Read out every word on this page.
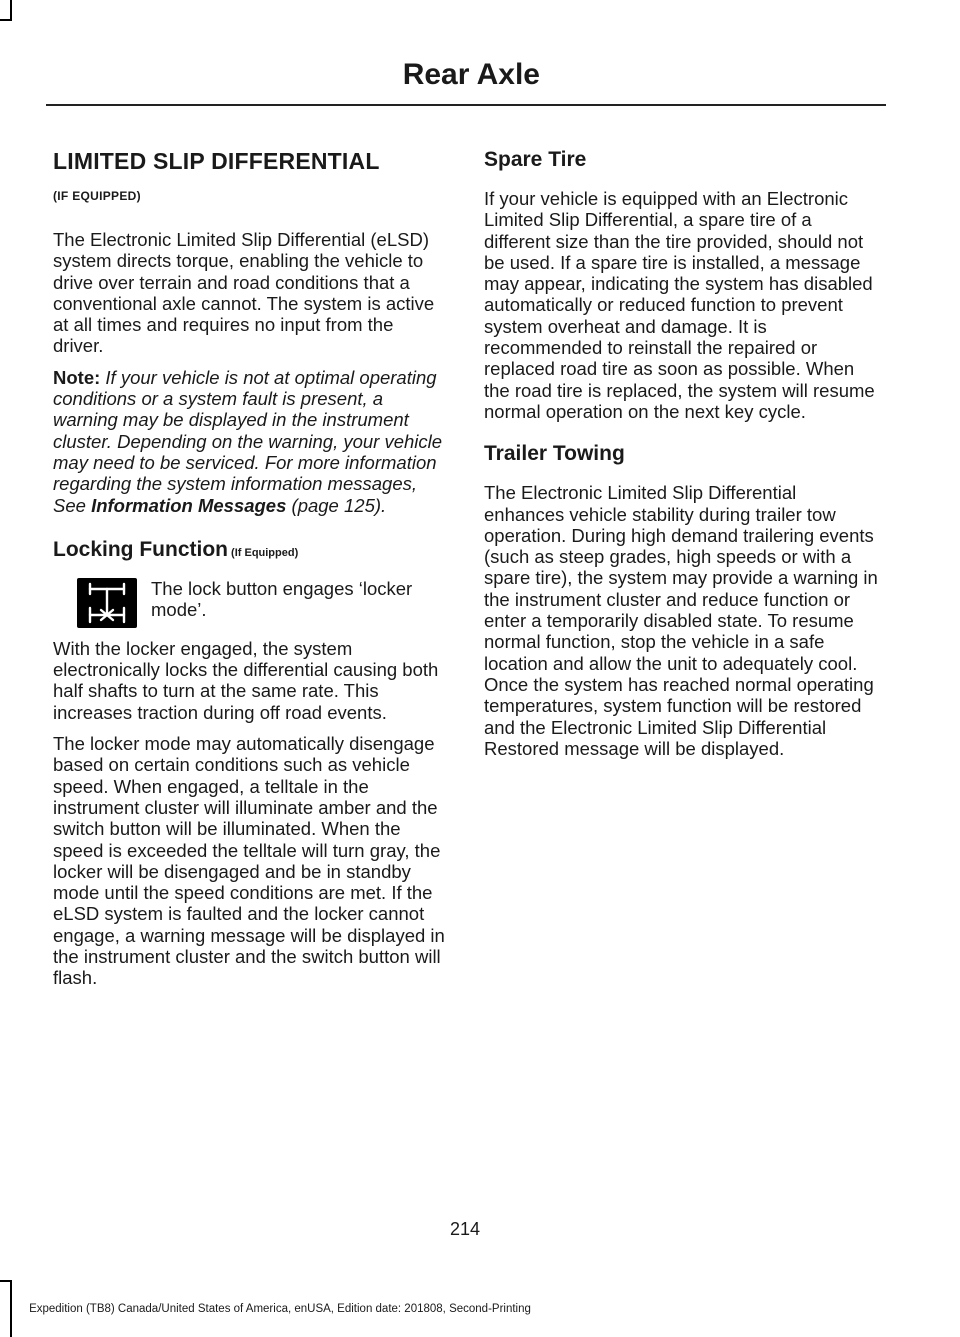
Rear Axle
LIMITED SLIP DIFFERENTIAL
(IF EQUIPPED)

The Electronic Limited Slip Differential (eLSD) system directs torque, enabling the vehicle to drive over terrain and road conditions that a conventional axle cannot. The system is active at all times and requires no input from the driver.

Note: If your vehicle is not at optimal operating conditions or a system fault is present, a warning may be displayed in the instrument cluster. Depending on the warning, your vehicle may need to be serviced. For more information regarding the system information messages, See Information Messages (page 125).

Locking Function (If Equipped)

The lock button engages ‘locker mode’.

With the locker engaged, the system electronically locks the differential causing both half shafts to turn at the same rate. This increases traction during off road events.

The locker mode may automatically disengage based on certain conditions such as vehicle speed. When engaged, a telltale in the instrument cluster will illuminate amber and the switch button will be illuminated. When the speed is exceeded the telltale will turn gray, the locker will be disengaged and be in standby mode until the speed conditions are met. If the eLSD system is faulted and the locker cannot engage, a warning message will be displayed in the instrument cluster and the switch button will flash.

Spare Tire

If your vehicle is equipped with an Electronic Limited Slip Differential, a spare tire of a different size than the tire provided, should not be used. If a spare tire is installed, a message may appear, indicating the system has disabled automatically or reduced function to prevent system overheat and damage. It is recommended to reinstall the repaired or replaced road tire as soon as possible. When the road tire is replaced, the system will resume normal operation on the next key cycle.

Trailer Towing

The Electronic Limited Slip Differential enhances vehicle stability during trailer tow operation. During high demand trailering events (such as steep grades, high speeds or with a spare tire), the system may provide a warning in the instrument cluster and reduce function or enter a temporarily disabled state. To resume normal function, stop the vehicle in a safe location and allow the unit to adequately cool. Once the system has reached normal operating temperatures, system function will be restored and the Electronic Limited Slip Differential Restored message will be displayed.

214
Expedition (TB8) Canada/United States of America, enUSA, Edition date: 201808, Second-Printing
